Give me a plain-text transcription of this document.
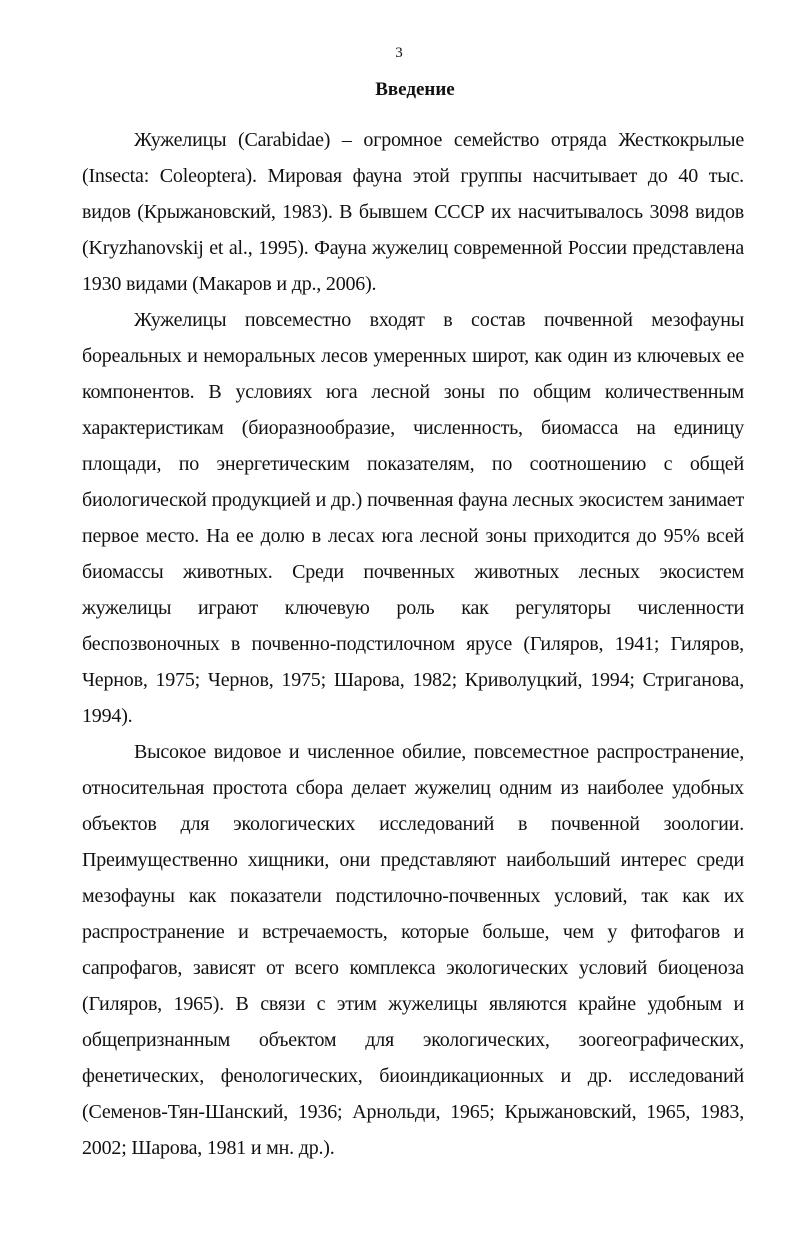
3
Введение

Жужелицы (Carabidae) – огромное семейство отряда Жесткокрылые (Insecta: Coleoptera). Мировая фауна этой группы насчитывает до 40 тыс. видов (Крыжановский, 1983). В бывшем СССР их насчитывалось 3098 видов (Kryzhanovskij et al., 1995). Фауна жужелиц современной России представлена 1930 видами (Макаров и др., 2006).

Жужелицы повсеместно входят в состав почвенной мезофауны бореальных и неморальных лесов умеренных широт, как один из ключевых ее компонентов. В условиях юга лесной зоны по общим количественным характеристикам (биоразнообразие, численность, биомасса на единицу площади, по энергетическим показателям, по соотношению с общей биологической продукцией и др.) почвенная фауна лесных экосистем занимает первое место. На ее долю в лесах юга лесной зоны приходится до 95% всей биомассы животных. Среди почвенных животных лесных экосистем жужелицы играют ключевую роль как регуляторы численности беспозвоночных в почвенно-подстилочном ярусе (Гиляров, 1941; Гиляров, Чернов, 1975; Чернов, 1975; Шарова, 1982; Криволуцкий, 1994; Стриганова, 1994).

Высокое видовое и численное обилие, повсеместное распространение, относительная простота сбора делает жужелиц одним из наиболее удобных объектов для экологических исследований в почвенной зоологии. Преимущественно хищники, они представляют наибольший интерес среди мезофауны как показатели подстилочно-почвенных условий, так как их распространение и встречаемость, которые больше, чем у фитофагов и сапрофагов, зависят от всего комплекса экологических условий биоценоза (Гиляров, 1965). В связи с этим жужелицы являются крайне удобным и общепризнанным объектом для экологических, зоогеографических, фенетических, фенологических, биоиндикационных и др. исследований (Семенов-Тян-Шанский, 1936; Арнольди, 1965; Крыжановский, 1965, 1983, 2002; Шарова, 1981 и мн. др.).
